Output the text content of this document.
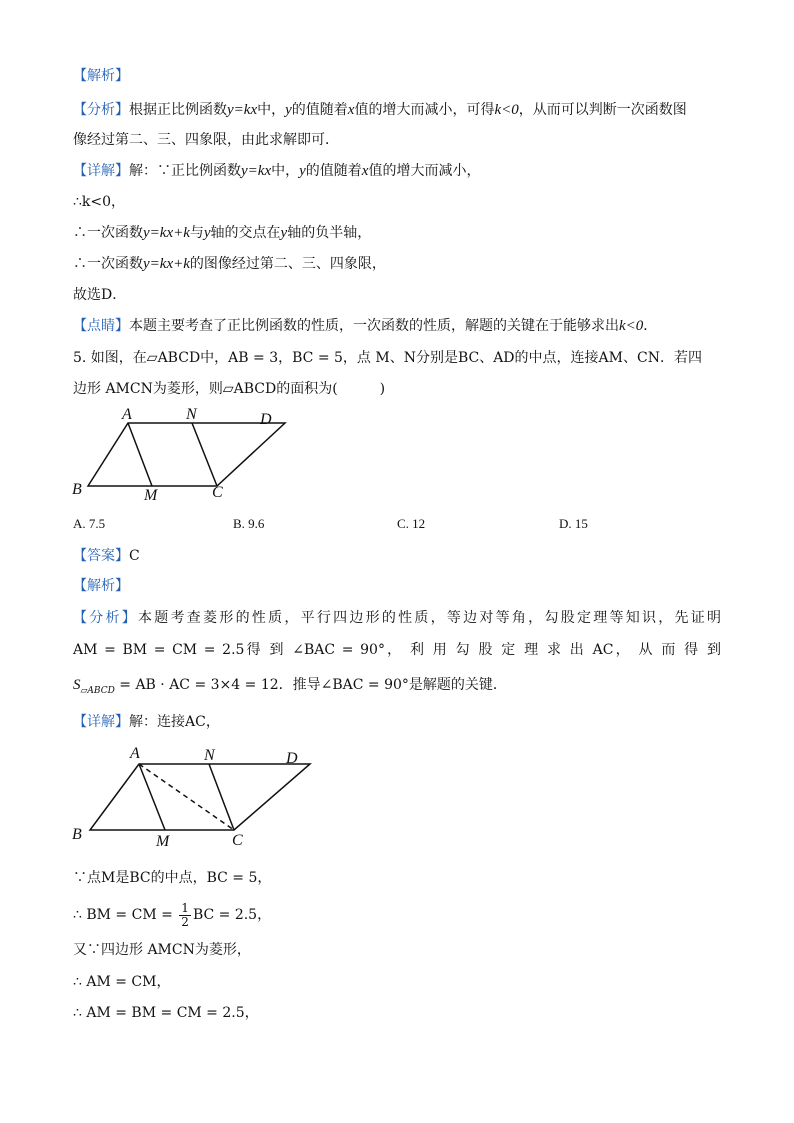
【解析】
【分析】根据正比例函数y=kx中，y的值随着x值的增大而减小，可得k<0，从而可以判断一次函数图
像经过第二、三、四象限，由此求解即可．
【详解】解：∵正比例函数y=kx中，y的值随着x值的增大而减小，
∴k<0，
∴一次函数y=kx+k与y轴的交点在y轴的负半轴，
∴一次函数y=kx+k的图像经过第二、三、四象限，
故选D．
【点睛】本题主要考查了正比例函数的性质，一次函数的性质，解题的关键在于能够求出k<0．
5. 如图，在▱ABCD中，AB = 3，BC = 5，点 M、N分别是BC、AD的中点，连接AM、CN．若四
边形 AMCN为菱形，则▱ABCD的面积为(　　　)
A	N	D
B	M	C
A. 7.5	B. 9.6	C. 12	D. 15
【答案】C
【解析】
【分析】本题考查菱形的性质，平行四边形的性质，等边对等角，勾股定理等知识，先证明
AM = BM = CM = 2.5得 到 ∠BAC = 90°， 利 用 勾 股 定 理 求 出 AC， 从 而 得 到
$S_{▱ABCD}$ = AB · AC = 3×4 = 12．推导∠BAC = 90°是解题的关键．
【详解】解：连接AC，
A	N	D
B	M	C
∵点M是BC的中点，BC = 5，
∴ BM = CM = $\frac{1}{2}$ BC = 2.5，
又∵四边形 AMCN为菱形，
∴ AM = CM，
∴ AM = BM = CM = 2.5，
